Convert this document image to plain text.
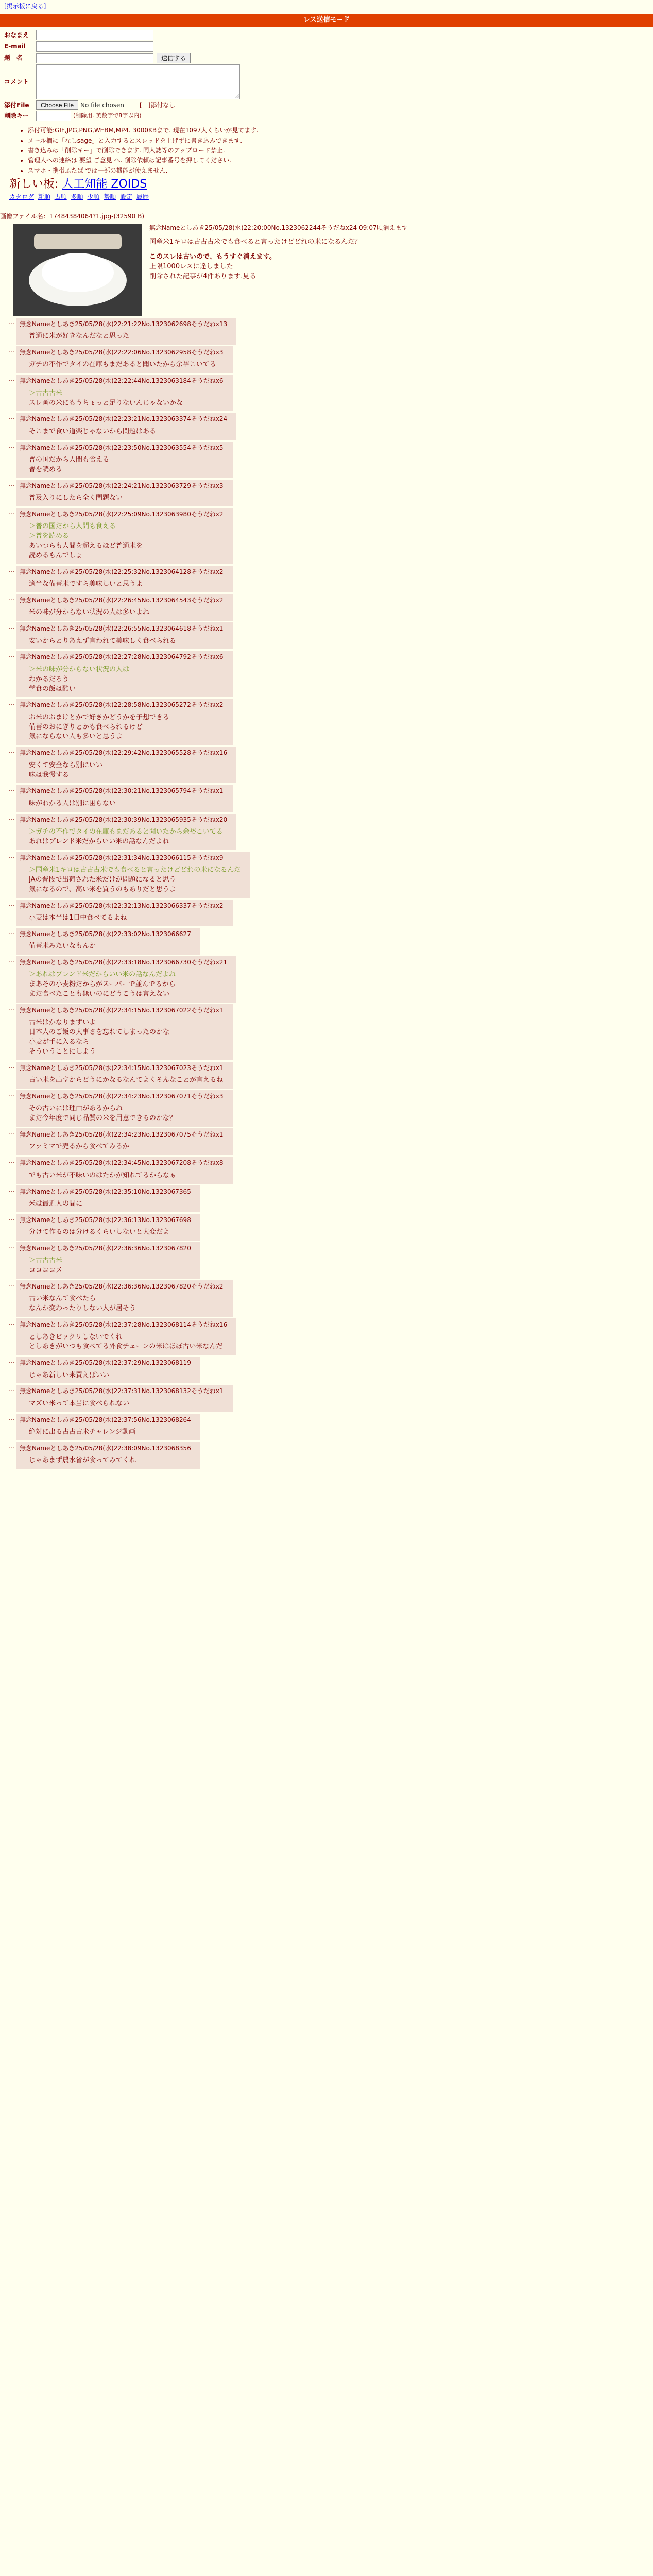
[掲示板に戻る]
レス送信モード
おなまえ
E-mail
題　名	送信する
コメント
添付File	Choose File	No file chosen	[　]添付なし
削除キー	(削除用. 英数字で8字以内)
• 添付可能:GIF,JPG,PNG,WEBM,MP4. 3000KBまで. 現在1097人くらいが見てます.
• メール欄に「なしsage」と入力するとスレッドを上げずに書き込みできます.
• 書き込みは「削除キー」で削除できます. 同人誌等のアップロード禁止.
• 管理人への連絡は 要望 ご意見 へ. 削除依頼は記事番号を押してください.
• スマホ・携帯ふたば では一部の機能が使えません.
新しい板: 人工知能 ZOIDS
カタログ 新順 古順 多順 少順 勢順 設定 履歴
画像ファイル名：17484384064?1.jpg-(32590 B)
無念Nameとしあき25/05/28(水)22:20:00No.1323062244そうだねx24 09:07頃消えます
国産米1キロは古古古米でも食べると言ったけどどれの米になるんだ？
このスレは古いので、もうすぐ消えます。
上限1000レスに達しました
削除された記事が4件あります.見る
… 無念Nameとしあき25/05/28(水)22:21:22No.1323062698そうだねx13
普通に米が好きなんだなと思った
… 無念Nameとしあき25/05/28(水)22:22:06No.1323062958そうだねx3
ガチの不作でタイの在庫もまだあると聞いたから余裕こいてる
… 無念Nameとしあき25/05/28(水)22:22:44No.1323063184そうだねx6
＞古古古米
スレ画の米にもうちょっと足りないんじゃないかな
… 無念Nameとしあき25/05/28(水)22:23:21No.1323063374そうだねx24
そこまで食い道楽じゃないから問題はある
… 無念Nameとしあき25/05/28(水)22:23:50No.1323063554そうだねx5
普の国だから人間も食える
普を読める
… 無念Nameとしあき25/05/28(水)22:24:21No.1323063729そうだねx3
普及入りにしたら全く問題ない
… 無念Nameとしあき25/05/28(水)22:25:09No.1323063980そうだねx2
＞普の国だから人間も食える
＞普を読める
あいつらも人間を超えるほど普通米を
読めるもんでしょ
… 無念Nameとしあき25/05/28(水)22:25:32No.1323064128そうだねx2
適当な備蓄米ですら美味しいと思うよ
… 無念Nameとしあき25/05/28(水)22:26:45No.1323064543そうだねx2
米の味が分からない状況の人は多いよね
… 無念Nameとしあき25/05/28(水)22:26:55No.1323064618そうだねx1
安いからとりあえず言われて美味しく食べられる
… 無念Nameとしあき25/05/28(水)22:27:28No.1323064792そうだねx6
＞米の味が分からない状況の人は
わかるだろう
学食の飯は酷い
… 無念Nameとしあき25/05/28(水)22:28:58No.1323065272そうだねx2
お米のおまけとかで好きかどうかを予想できる
備蓄のおにぎりとかも食べられるけど
気にならない人も多いと思うよ
… 無念Nameとしあき25/05/28(水)22:29:42No.1323065528そうだねx16
安くて安全なら別にいい
味は我慢する
… 無念Nameとしあき25/05/28(水)22:30:21No.1323065794そうだねx1
味がわかる人は別に困らない
… 無念Nameとしあき25/05/28(水)22:30:39No.1323065935そうだねx20
＞ガチの不作でタイの在庫もまだあると聞いたから余裕こいてる
あれはブレンド米だからいい米の話なんだよね
… 無念Nameとしあき25/05/28(水)22:31:34No.1323066115そうだねx9
＞国産米1キロは古古古米でも食べると言ったけどどれの米になるんだ
JAの普段で出荷された米だけが問題になると思う
気になるので、高い米を買うのもありだと思うよ
… 無念Nameとしあき25/05/28(水)22:32:13No.1323066337そうだねx2
小麦は本当は1日中食べてるよね
… 無念Nameとしあき25/05/28(水)22:33:02No.1323066627
備蓄米みたいなもんか
… 無念Nameとしあき25/05/28(水)22:33:18No.1323066730そうだねx21
＞あれはブレンド米だからいい米の話なんだよね
まあその小麦粉だからがスーパーで並んでるから
まだ食べたことも無いのにどうこうは言えない
… 無念Nameとしあき25/05/28(水)22:34:15No.1323067022そうだねx1
古米はかなりまずいよ
日本人のご飯の大事さを忘れてしまったのかな
小麦が手に入るなら
そういうことにしよう
… 無念Nameとしあき25/05/28(水)22:34:15No.1323067023そうだねx1
古い米を出すからどうにかなるなんてよくそんなことが言えるね
… 無念Nameとしあき25/05/28(水)22:34:23No.1323067071そうだねx3
その古いには理由があるからね
まだ今年度で同じ品質の米を用意できるのかな？
… 無念Nameとしあき25/05/28(水)22:34:23No.1323067075そうだねx1
ファミマで売るから食べてみるか
… 無念Nameとしあき25/05/28(水)22:34:45No.1323067208そうだねx8
でも古い米が不味いのはたかが知れてるからなぁ
… 無念Nameとしあき25/05/28(水)22:35:10No.1323067365
米は最近人の間に
… 無念Nameとしあき25/05/28(水)22:36:13No.1323067698
分けて作るのは分けるくらいしないと大変だよ
… 無念Nameとしあき25/05/28(水)22:36:36No.1323067820
＞古古古米
ココココメ
… 無念Nameとしあき25/05/28(水)22:36:36No.1323067820そうだねx2
古い米なんて食べたら
なんか変わったりしない人が居そう
… 無念Nameとしあき25/05/28(水)22:37:28No.1323068114そうだねx16
としあきビックリしないでくれ
としあきがいつも食べてる外食チェーンの米はほぼ古い米なんだ
… 無念Nameとしあき25/05/28(水)22:37:29No.1323068119
じゃあ新しい米買えばいい
… 無念Nameとしあき25/05/28(水)22:37:31No.1323068132そうだねx1
マズい米って本当に食べられない
… 無念Nameとしあき25/05/28(水)22:37:56No.1323068264
絶対に出る古古古米チャレンジ動画
… 無念Nameとしあき25/05/28(水)22:38:09No.1323068356
じゃあまず農水省が食ってみてくれ
